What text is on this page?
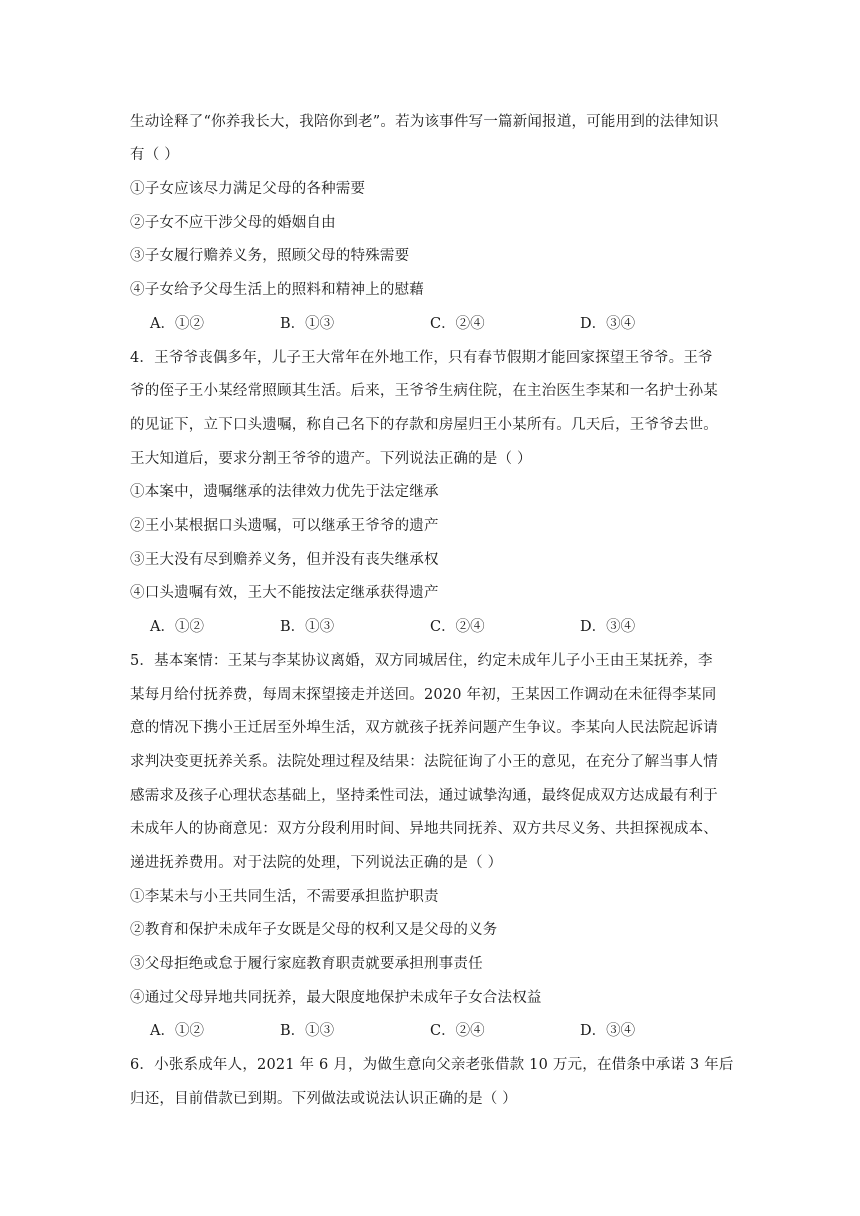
生动诠释了“你养我长大，我陪你到老”。若为该事件写一篇新闻报道，可能用到的法律知识
有（ ）
①子女应该尽力满足父母的各种需要
②子女不应干涉父母的婚姻自由
③子女履行赡养义务，照顾父母的特殊需要
④子女给予父母生活上的照料和精神上的慰藉
A．①②	B．①③	C．②④	D．③④
4．王爷爷丧偶多年，儿子王大常年在外地工作，只有春节假期才能回家探望王爷爷。王爷
爷的侄子王小某经常照顾其生活。后来，王爷爷生病住院，在主治医生李某和一名护士孙某
的见证下，立下口头遗嘱，称自己名下的存款和房屋归王小某所有。几天后，王爷爷去世。
王大知道后，要求分割王爷爷的遗产。下列说法正确的是（ ）
①本案中，遗嘱继承的法律效力优先于法定继承
②王小某根据口头遗嘱，可以继承王爷爷的遗产
③王大没有尽到赡养义务，但并没有丧失继承权
④口头遗嘱有效，王大不能按法定继承获得遗产
A．①②	B．①③	C．②④	D．③④
5．基本案情：王某与李某协议离婚，双方同城居住，约定未成年儿子小王由王某抚养，李
某每月给付抚养费，每周末探望接走并送回。2020 年初，王某因工作调动在未征得李某同
意的情况下携小王迁居至外埠生活，双方就孩子抚养问题产生争议。李某向人民法院起诉请
求判决变更抚养关系。法院处理过程及结果：法院征询了小王的意见，在充分了解当事人情
感需求及孩子心理状态基础上，坚持柔性司法，通过诚挚沟通，最终促成双方达成最有利于
未成年人的协商意见：双方分段利用时间、异地共同抚养、双方共尽义务、共担探视成本、
递进抚养费用。对于法院的处理，下列说法正确的是（ ）
①李某未与小王共同生活，不需要承担监护职责
②教育和保护未成年子女既是父母的权利又是父母的义务
③父母拒绝或怠于履行家庭教育职责就要承担刑事责任
④通过父母异地共同抚养，最大限度地保护未成年子女合法权益
A．①②	B．①③	C．②④	D．③④
6．小张系成年人，2021 年 6 月，为做生意向父亲老张借款 10 万元，在借条中承诺 3 年后
归还，目前借款已到期。下列做法或说法认识正确的是（ ）
